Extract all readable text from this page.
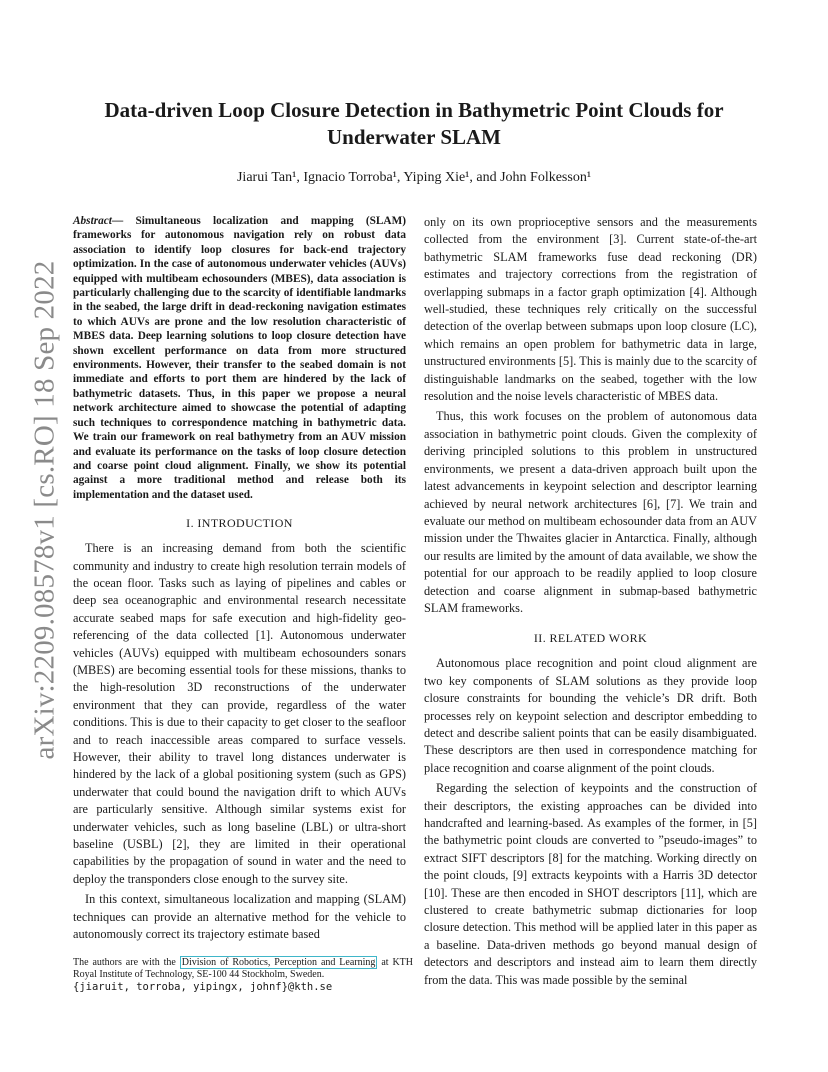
arXiv:2209.08578v1 [cs.RO] 18 Sep 2022
Data-driven Loop Closure Detection in Bathymetric Point Clouds for Underwater SLAM
Jiarui Tan¹, Ignacio Torroba¹, Yiping Xie¹, and John Folkesson¹

Abstract— Simultaneous localization and mapping (SLAM) frameworks for autonomous navigation rely on robust data association to identify loop closures for back-end trajectory optimization. In the case of autonomous underwater vehicles (AUVs) equipped with multibeam echosounders (MBES), data association is particularly challenging due to the scarcity of identifiable landmarks in the seabed, the large drift in dead-reckoning navigation estimates to which AUVs are prone and the low resolution characteristic of MBES data. Deep learning solutions to loop closure detection have shown excellent performance on data from more structured environments. However, their transfer to the seabed domain is not immediate and efforts to port them are hindered by the lack of bathymetric datasets. Thus, in this paper we propose a neural network architecture aimed to showcase the potential of adapting such techniques to correspondence matching in bathymetric data. We train our framework on real bathymetry from an AUV mission and evaluate its performance on the tasks of loop closure detection and coarse point cloud alignment. Finally, we show its potential against a more traditional method and release both its implementation and the dataset used.

I. INTRODUCTION

There is an increasing demand from both the scientific community and industry to create high resolution terrain models of the ocean floor. Tasks such as laying of pipelines and cables or deep sea oceanographic and environmental research necessitate accurate seabed maps for safe execution and high-fidelity geo-referencing of the data collected [1]. Autonomous underwater vehicles (AUVs) equipped with multibeam echosounders sonars (MBES) are becoming essential tools for these missions, thanks to the high-resolution 3D reconstructions of the underwater environment that they can provide, regardless of the water conditions. This is due to their capacity to get closer to the seafloor and to reach inaccessible areas compared to surface vessels. However, their ability to travel long distances underwater is hindered by the lack of a global positioning system (such as GPS) underwater that could bound the navigation drift to which AUVs are particularly sensitive. Although similar systems exist for underwater vehicles, such as long baseline (LBL) or ultra-short baseline (USBL) [2], they are limited in their operational capabilities by the propagation of sound in water and the need to deploy the transponders close enough to the survey site.

In this context, simultaneous localization and mapping (SLAM) techniques can provide an alternative method for the vehicle to autonomously correct its trajectory estimate based

only on its own proprioceptive sensors and the measurements collected from the environment [3]. Current state-of-the-art bathymetric SLAM frameworks fuse dead reckoning (DR) estimates and trajectory corrections from the registration of overlapping submaps in a factor graph optimization [4]. Although well-studied, these techniques rely critically on the successful detection of the overlap between submaps upon loop closure (LC), which remains an open problem for bathymetric data in large, unstructured environments [5]. This is mainly due to the scarcity of distinguishable landmarks on the seabed, together with the low resolution and the noise levels characteristic of MBES data.

Thus, this work focuses on the problem of autonomous data association in bathymetric point clouds. Given the complexity of deriving principled solutions to this problem in unstructured environments, we present a data-driven approach built upon the latest advancements in keypoint selection and descriptor learning achieved by neural network architectures [6], [7]. We train and evaluate our method on multibeam echosounder data from an AUV mission under the Thwaites glacier in Antarctica. Finally, although our results are limited by the amount of data available, we show the potential for our approach to be readily applied to loop closure detection and coarse alignment in submap-based bathymetric SLAM frameworks.

II. RELATED WORK

Autonomous place recognition and point cloud alignment are two key components of SLAM solutions as they provide loop closure constraints for bounding the vehicle’s DR drift. Both processes rely on keypoint selection and descriptor embedding to detect and describe salient points that can be easily disambiguated. These descriptors are then used in correspondence matching for place recognition and coarse alignment of the point clouds.

Regarding the selection of keypoints and the construction of their descriptors, the existing approaches can be divided into handcrafted and learning-based. As examples of the former, in [5] the bathymetric point clouds are converted to ”pseudo-images” to extract SIFT descriptors [8] for the matching. Working directly on the point clouds, [9] extracts keypoints with a Harris 3D detector [10]. These are then encoded in SHOT descriptors [11], which are clustered to create bathymetric submap dictionaries for loop closure detection. This method will be applied later in this paper as a baseline. Data-driven methods go beyond manual design of detectors and descriptors and instead aim to learn them directly from the data. This was made possible by the seminal

The authors are with the Division of Robotics, Perception and Learning at KTH Royal Institute of Technology, SE-100 44 Stockholm, Sweden.
{jiaruit, torroba, yipingx, johnf}@kth.se
